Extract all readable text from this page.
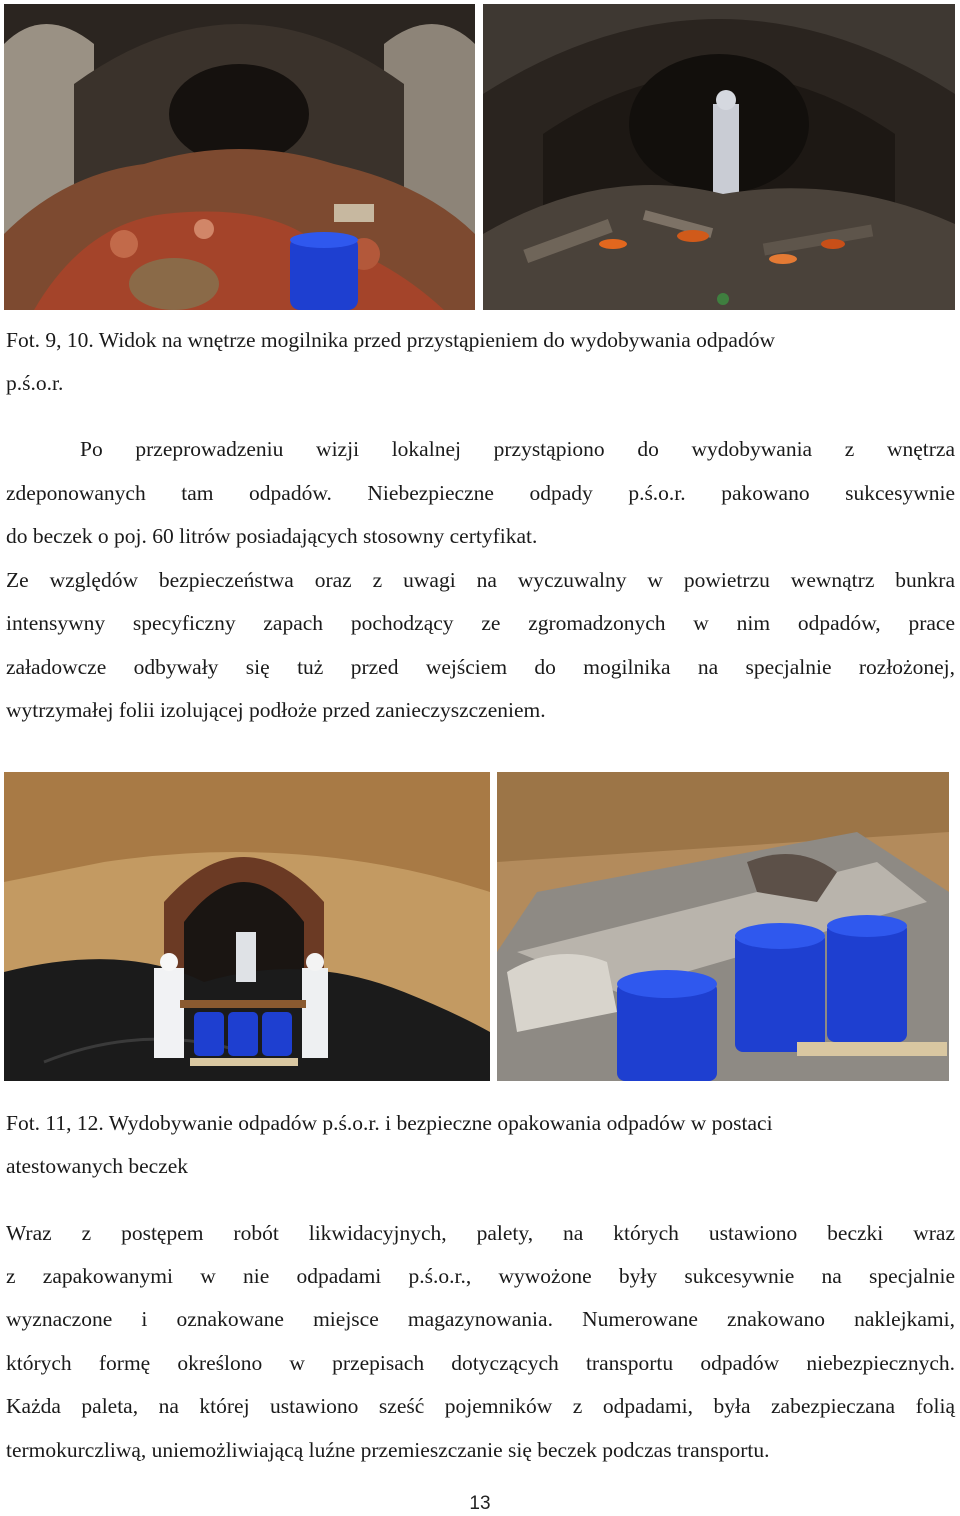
Fot. 9, 10. Widok na wnętrze mogilnika przed przystąpieniem do wydobywania odpadów
p.ś.o.r.
Po przeprowadzeniu wizji lokalnej przystąpiono do wydobywania z wnętrza
zdeponowanych tam odpadów. Niebezpieczne odpady p.ś.o.r. pakowano sukcesywnie
do beczek o poj. 60 litrów posiadających stosowny certyfikat.
Ze względów bezpieczeństwa oraz z uwagi na wyczuwalny w powietrzu wewnątrz bunkra
intensywny specyficzny zapach pochodzący ze zgromadzonych w nim odpadów, prace
załadowcze odbywały się tuż przed wejściem do mogilnika na specjalnie rozłożonej,
wytrzymałej folii izolującej podłoże przed zanieczyszczeniem.
Fot. 11, 12. Wydobywanie odpadów p.ś.o.r. i bezpieczne opakowania odpadów w postaci
atestowanych beczek
Wraz z postępem robót likwidacyjnych, palety, na których ustawiono beczki wraz
z zapakowanymi w nie odpadami p.ś.o.r., wywożone były sukcesywnie na specjalnie
wyznaczone i oznakowane miejsce magazynowania. Numerowane znakowano naklejkami,
których formę określono w przepisach dotyczących transportu odpadów niebezpiecznych.
Każda paleta, na której ustawiono sześć pojemników z odpadami, była zabezpieczana folią
termokurczliwą, uniemożliwiającą luźne przemieszczanie się beczek podczas transportu.
13
